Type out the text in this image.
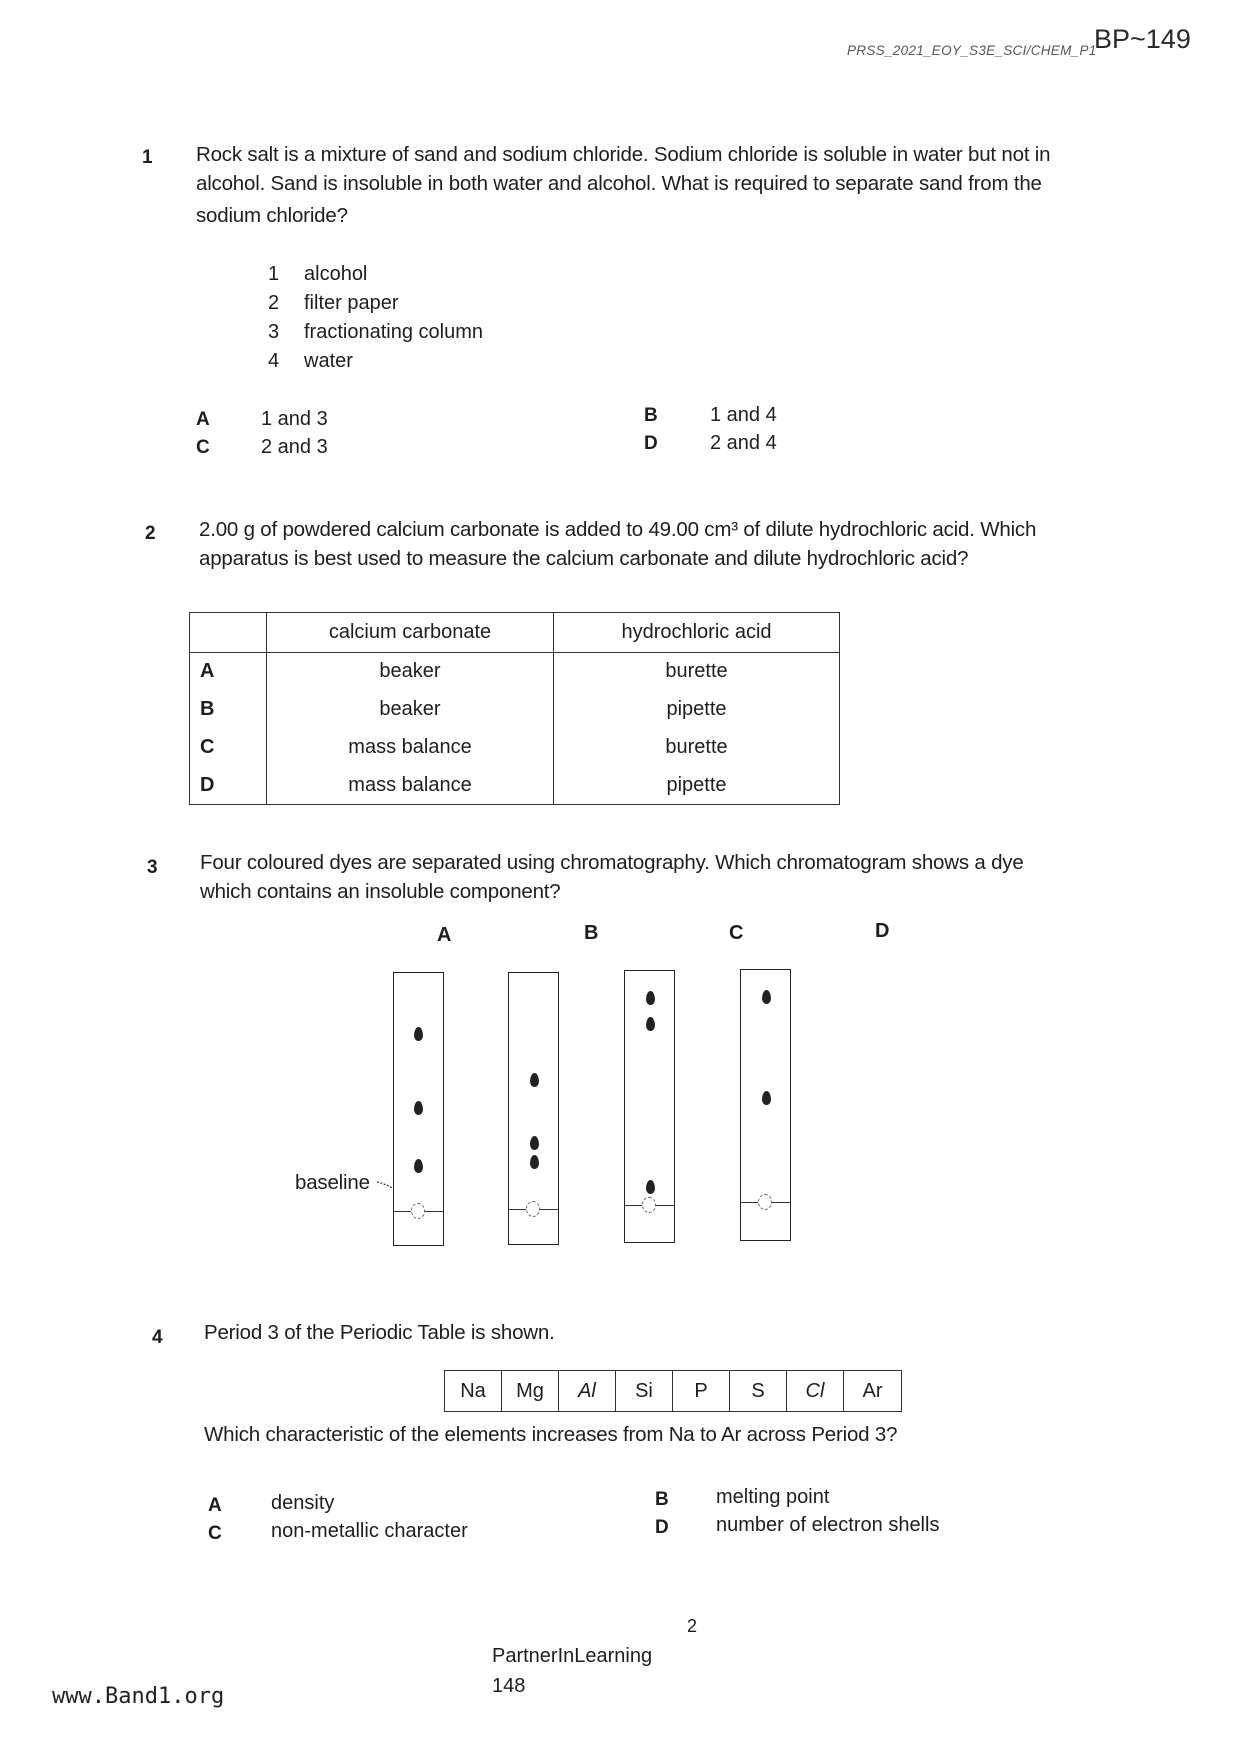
PRSS_2021_EOY_S3E_SCI/CHEM_P1
BP~149
1 Rock salt is a mixture of sand and sodium chloride. Sodium chloride is soluble in water but not in
alcohol. Sand is insoluble in both water and alcohol. What is required to separate sand from the
sodium chloride?
1 alcohol
2 filter paper
3 fractionating column
4 water
A	1 and 3
C	2 and 3
B	1 and 4
D	2 and 4
2 2.00 g of powdered calcium carbonate is added to 49.00 cm³ of dilute hydrochloric acid. Which
apparatus is best used to measure the calcium carbonate and dilute hydrochloric acid?
	calcium carbonate	hydrochloric acid
A	beaker	burette
B	beaker	pipette
C	mass balance	burette
D	mass balance	pipette
3 Four coloured dyes are separated using chromatography. Which chromatogram shows a dye
which contains an insoluble component?
A	B	C	D
baseline
4 Period 3 of the Periodic Table is shown.
Na	Mg	Al	Si	P	S	Cl	Ar
Which characteristic of the elements increases from Na to Ar across Period 3?
A density
C non-metallic character
B melting point
D number of electron shells
2
PartnerInLearning
148
www.Band1.org
